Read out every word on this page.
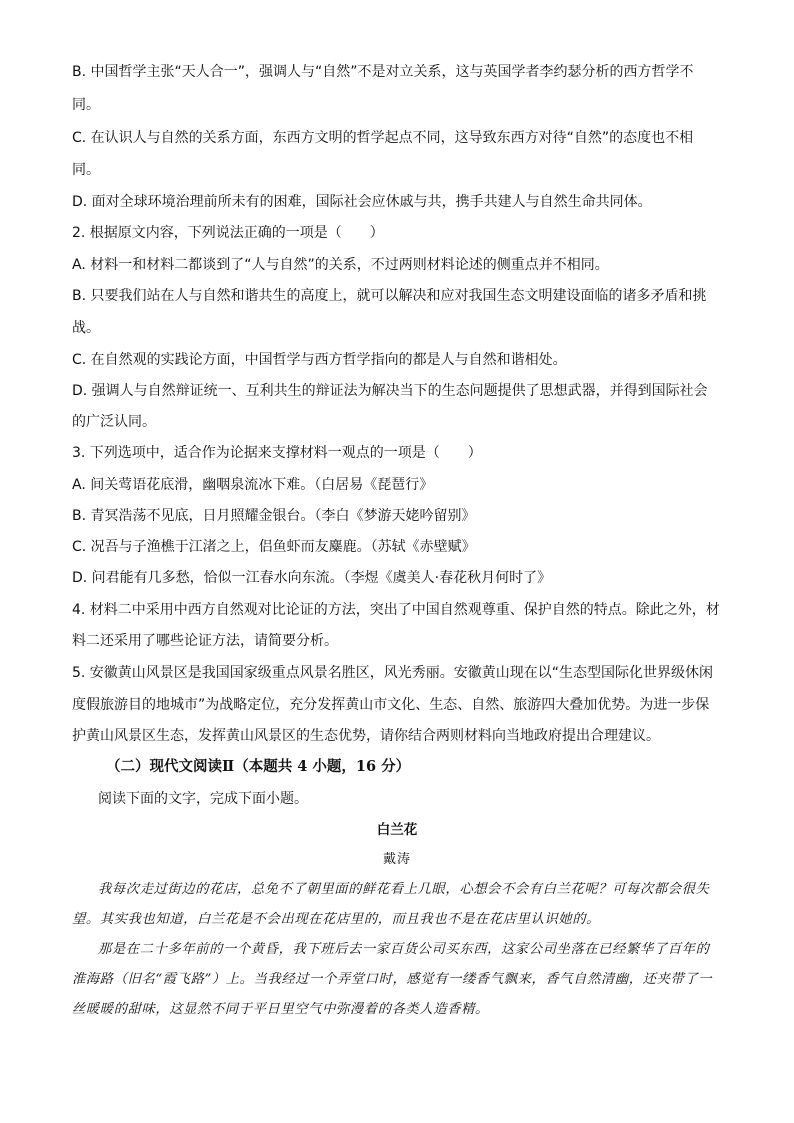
B. 中国哲学主张“天人合一”，强调人与“自然”不是对立关系，这与英国学者李约瑟分析的西方哲学不
同。
C. 在认识人与自然的关系方面，东西方文明的哲学起点不同，这导致东西方对待“自然”的态度也不相
同。
D. 面对全球环境治理前所未有的困难，国际社会应休戚与共，携手共建人与自然生命共同体。
2. 根据原文内容，下列说法正确的一项是（　　）
A. 材料一和材料二都谈到了“人与自然”的关系，不过两则材料论述的侧重点并不相同。
B. 只要我们站在人与自然和谐共生的高度上，就可以解决和应对我国生态文明建设面临的诸多矛盾和挑
战。
C. 在自然观的实践论方面，中国哲学与西方哲学指向的都是人与自然和谐相处。
D. 强调人与自然辩证统一、互利共生的辩证法为解决当下的生态问题提供了思想武器，并得到国际社会
的广泛认同。
3. 下列选项中，适合作为论据来支撑材料一观点的一项是（　　）
A. 间关莺语花底滑，幽咽泉流冰下难。（白居易《琵琶行》
B. 青冥浩荡不见底，日月照耀金银台。（李白《梦游天姥吟留别》
C. 况吾与子渔樵于江渚之上，侣鱼虾而友麋鹿。（苏轼《赤壁赋》
D. 问君能有几多愁，恰似一江春水向东流。（李煜《虞美人·春花秋月何时了》
4. 材料二中采用中西方自然观对比论证的方法，突出了中国自然观尊重、保护自然的特点。除此之外，材
料二还采用了哪些论证方法，请简要分析。
5. 安徽黄山风景区是我国国家级重点风景名胜区，风光秀丽。安徽黄山现在以“生态型国际化世界级休闲
度假旅游目的地城市”为战略定位，充分发挥黄山市文化、生态、自然、旅游四大叠加优势。为进一步保
护黄山风景区生态，发挥黄山风景区的生态优势，请你结合两则材料向当地政府提出合理建议。
（二）现代文阅读Ⅱ（本题共 4 小题，16 分）
阅读下面的文字，完成下面小题。
白兰花
戴涛
我每次走过街边的花店，总免不了朝里面的鲜花看上几眼，心想会不会有白兰花呢？可每次都会很失
望。其实我也知道，白兰花是不会出现在花店里的，而且我也不是在花店里认识她的。
那是在二十多年前的一个黄昏，我下班后去一家百货公司买东西，这家公司坐落在已经繁华了百年的
淮海路（旧名“霞飞路”）上。当我经过一个弄堂口时，感觉有一缕香气飘来，香气自然清幽，还夹带了一
丝暖暖的甜味，这显然不同于平日里空气中弥漫着的各类人造香精。
